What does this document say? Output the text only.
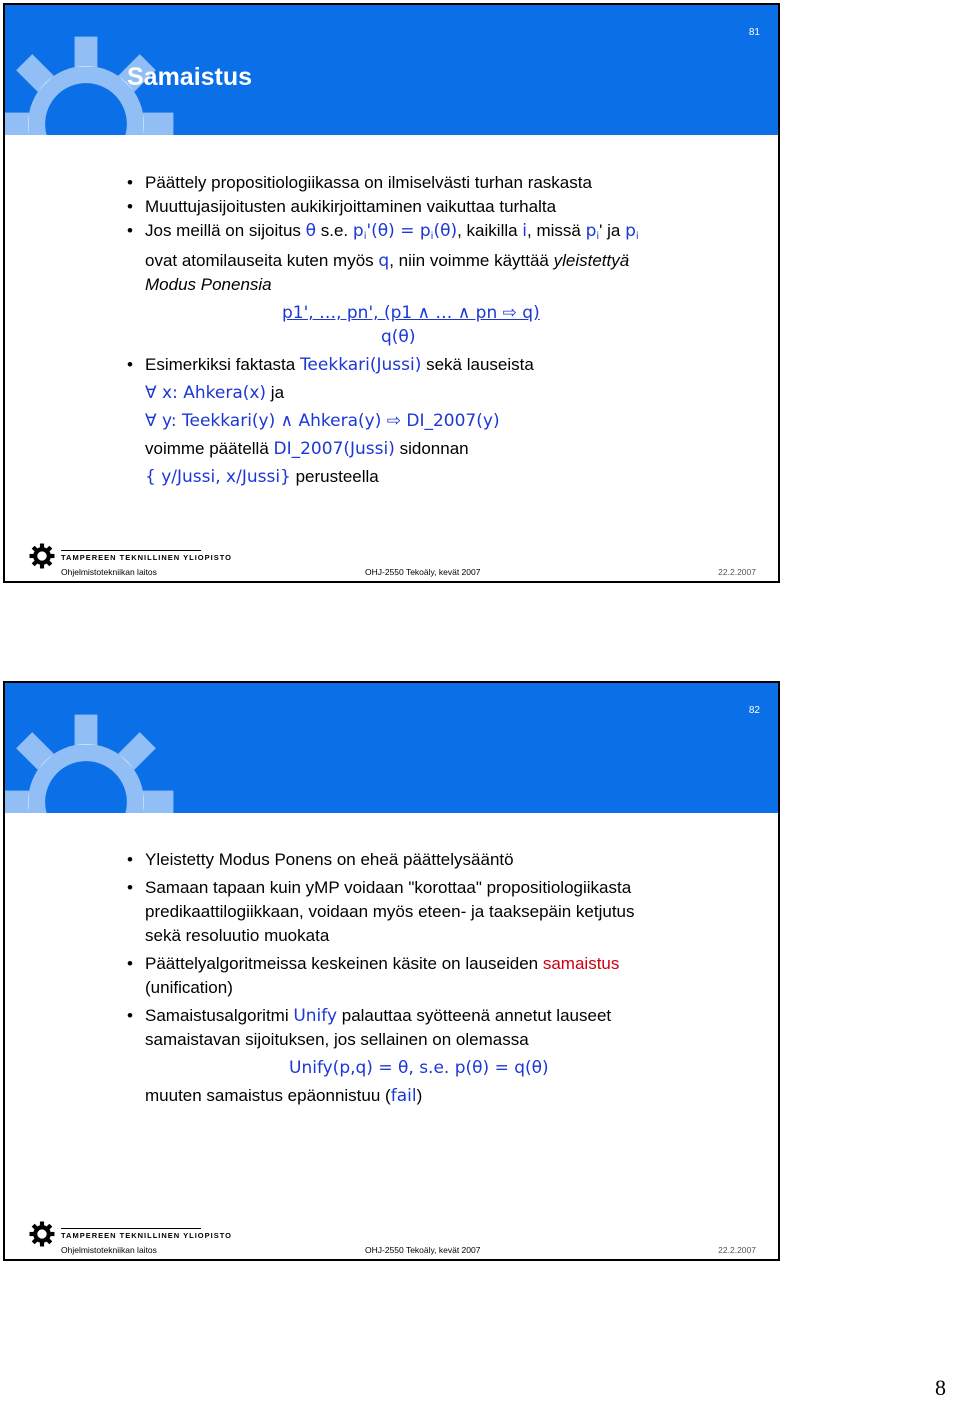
81
Samaistus
• Päättely propositiologiikassa on ilmiselvästi turhan raskasta
• Muuttujasijoitusten aukikirjoittaminen vaikuttaa turhalta
• Jos meillä on sijoitus θ s.e. $p_i'(\theta) = p_i(\theta)$, kaikilla i, missä $p_i'$ ja $p_i$
ovat atomilauseita kuten myös q, niin voimme käyttää yleistettyä
Modus Ponensia
p1', …, pn', (p1 ∧ … ∧ pn ⇨ q)
q(θ)
• Esimerkiksi faktasta Teekkari(Jussi) sekä lauseista
∀ x: Ahkera(x) ja
∀ y: Teekkari(y) ∧ Ahkera(y) ⇨ DI_2007(y)
voimme päätellä DI_2007(Jussi) sidonnan
{ y/Jussi, x/Jussi} perusteella
TAMPEREEN TEKNILLINEN YLIOPISTO
Ohjelmistotekniikan laitos	OHJ-2550 Tekoäly, kevät 2007	22.2.2007
82
• Yleistetty Modus Ponens on eheä päättelysääntö
• Samaan tapaan kuin yMP voidaan "korottaa" propositiologiikasta
predikaattilogiikkaan, voidaan myös eteen- ja taaksepäin ketjutus
sekä resoluutio muokata
• Päättelyalgoritmeissa keskeinen käsite on lauseiden samaistus
(unification)
• Samaistusalgoritmi Unify palauttaa syötteenä annetut lauseet
samaistavan sijoituksen, jos sellainen on olemassa
Unify(p,q) = θ, s.e. p(θ) = q(θ)
muuten samaistus epäonnistuu (fail)
TAMPEREEN TEKNILLINEN YLIOPISTO
Ohjelmistotekniikan laitos	OHJ-2550 Tekoäly, kevät 2007	22.2.2007
8
